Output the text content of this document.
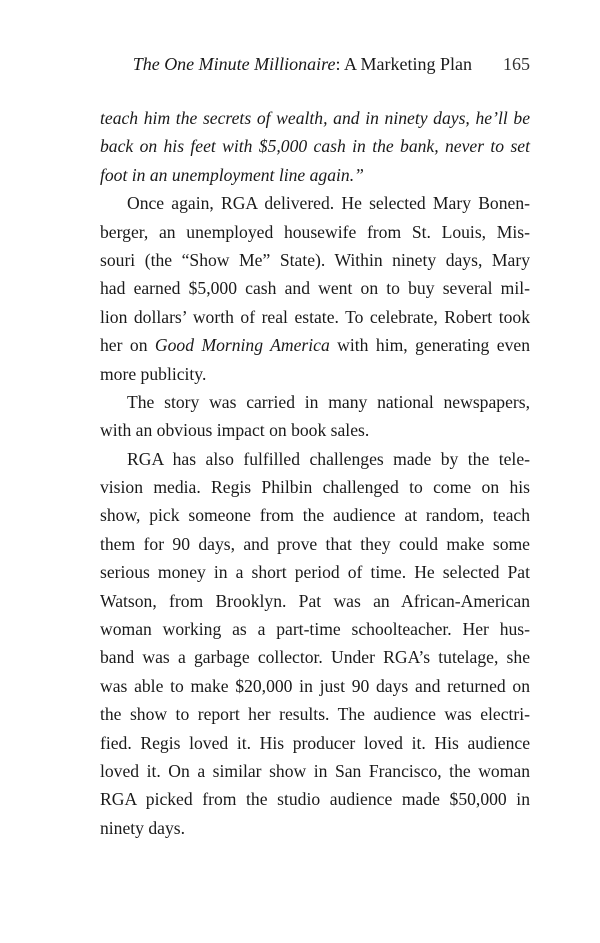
The One Minute Millionaire: A Marketing Plan 165
teach him the secrets of wealth, and in ninety days, he’ll be
back on his feet with $5,000 cash in the bank, never to set
foot in an unemployment line again.”
Once again, RGA delivered. He selected Mary Bonen-
berger, an unemployed housewife from St. Louis, Mis-
souri (the “Show Me” State). Within ninety days, Mary
had earned $5,000 cash and went on to buy several mil-
lion dollars’ worth of real estate. To celebrate, Robert took
her on Good Morning America with him, generating even
more publicity.
The story was carried in many national newspapers,
with an obvious impact on book sales.
RGA has also fulfilled challenges made by the tele-
vision media. Regis Philbin challenged to come on his
show, pick someone from the audience at random, teach
them for 90 days, and prove that they could make some
serious money in a short period of time. He selected Pat
Watson, from Brooklyn. Pat was an African-American
woman working as a part-time schoolteacher. Her hus-
band was a garbage collector. Under RGA’s tutelage, she
was able to make $20,000 in just 90 days and returned on
the show to report her results. The audience was electri-
fied. Regis loved it. His producer loved it. His audience
loved it. On a similar show in San Francisco, the woman
RGA picked from the studio audience made $50,000 in
ninety days.
